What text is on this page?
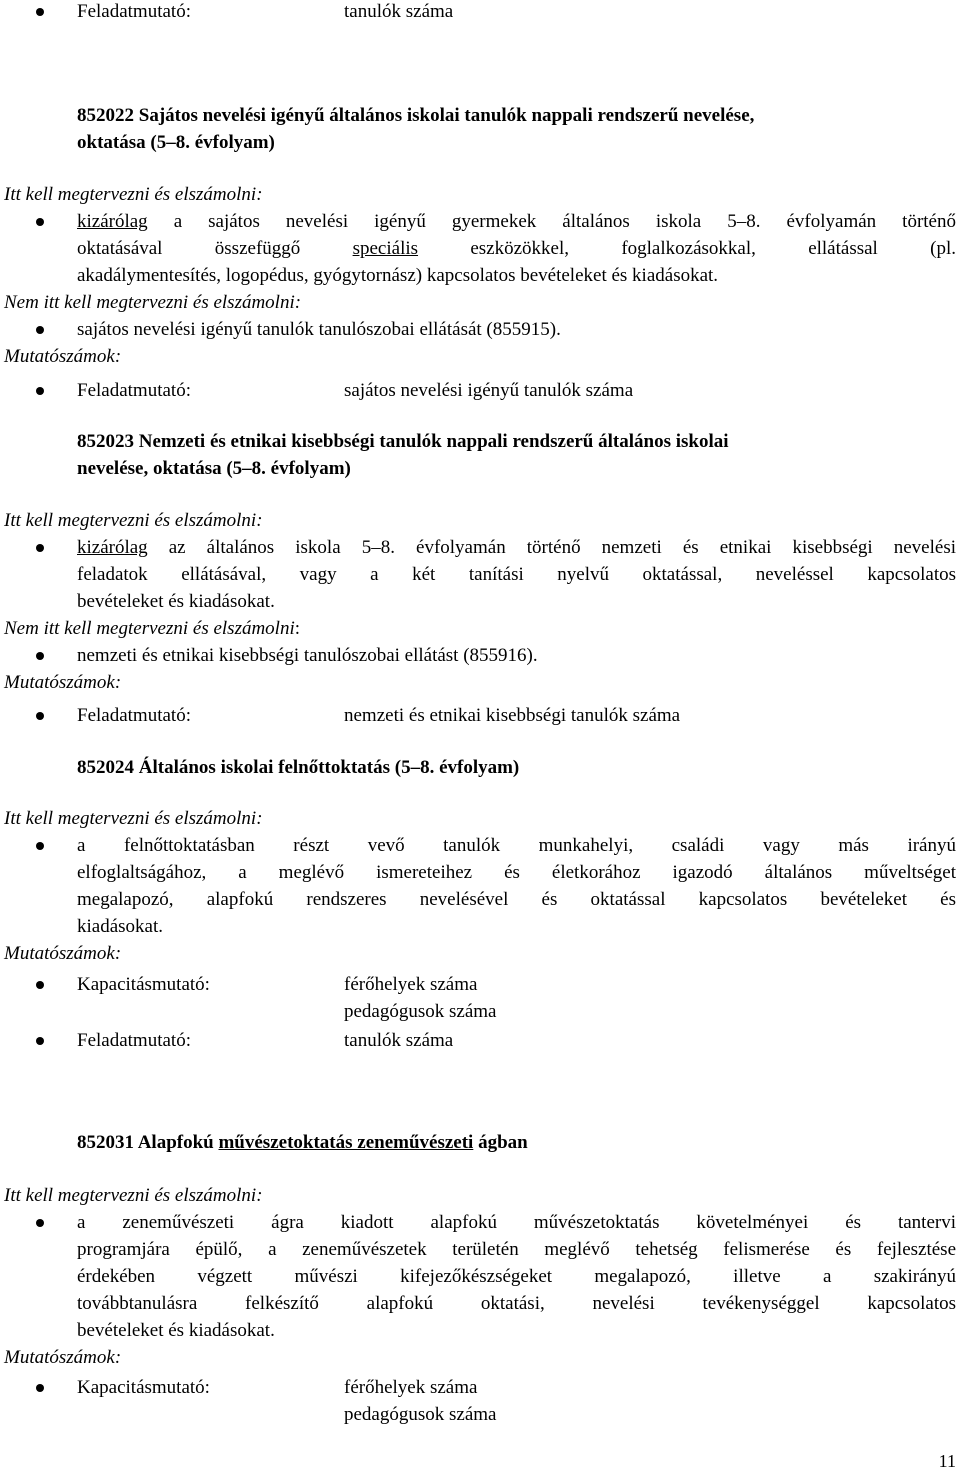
Feladatmutató:	tanulók száma
852022 Sajátos nevelési igényű általános iskolai tanulók nappali rendszerű nevelése,
oktatása (5–8. évfolyam)
Itt kell megtervezni és elszámolni:
kizárólag a sajátos nevelési igényű gyermekek általános iskola 5–8. évfolyamán történő
oktatásával összefüggő speciális eszközökkel, foglalkozásokkal, ellátással (pl.
akadálymentesítés, logopédus, gyógytornász) kapcsolatos bevételeket és kiadásokat.
Nem itt kell megtervezni és elszámolni:
sajátos nevelési igényű tanulók tanulószobai ellátását (855915).
Mutatószámok:
Feladatmutató:	sajátos nevelési igényű tanulók száma
852023 Nemzeti és etnikai kisebbségi tanulók nappali rendszerű általános iskolai
nevelése, oktatása (5–8. évfolyam)
Itt kell megtervezni és elszámolni:
kizárólag az általános iskola 5–8. évfolyamán történő nemzeti és etnikai kisebbségi nevelési
feladatok ellátásával, vagy a két tanítási nyelvű oktatással, neveléssel kapcsolatos
bevételeket és kiadásokat.
Nem itt kell megtervezni és elszámolni:
nemzeti és etnikai kisebbségi tanulószobai ellátást (855916).
Mutatószámok:
Feladatmutató:	nemzeti és etnikai kisebbségi tanulók száma
852024 Általános iskolai felnőttoktatás (5–8. évfolyam)
Itt kell megtervezni és elszámolni:
a felnőttoktatásban részt vevő tanulók munkahelyi, családi vagy más irányú
elfoglaltságához, a meglévő ismereteihez és életkorához igazodó általános műveltséget
megalapozó, alapfokú rendszeres nevelésével és oktatással kapcsolatos bevételeket és
kiadásokat.
Mutatószámok:
Kapacitásmutató:	férőhelyek száma
pedagógusok száma
Feladatmutató:	tanulók száma
852031 Alapfokú művészetoktatás zeneművészeti ágban
Itt kell megtervezni és elszámolni:
a zeneművészeti ágra kiadott alapfokú művészetoktatás követelményei és tantervi
programjára épülő, a zeneművészetek területén meglévő tehetség felismerése és fejlesztése
érdekében végzett művészi kifejezőkészségeket megalapozó, illetve a szakirányú
továbbtanulásra felkészítő alapfokú oktatási, nevelési tevékenységgel kapcsolatos
bevételeket és kiadásokat.
Mutatószámok:
Kapacitásmutató:	férőhelyek száma
pedagógusok száma
11
